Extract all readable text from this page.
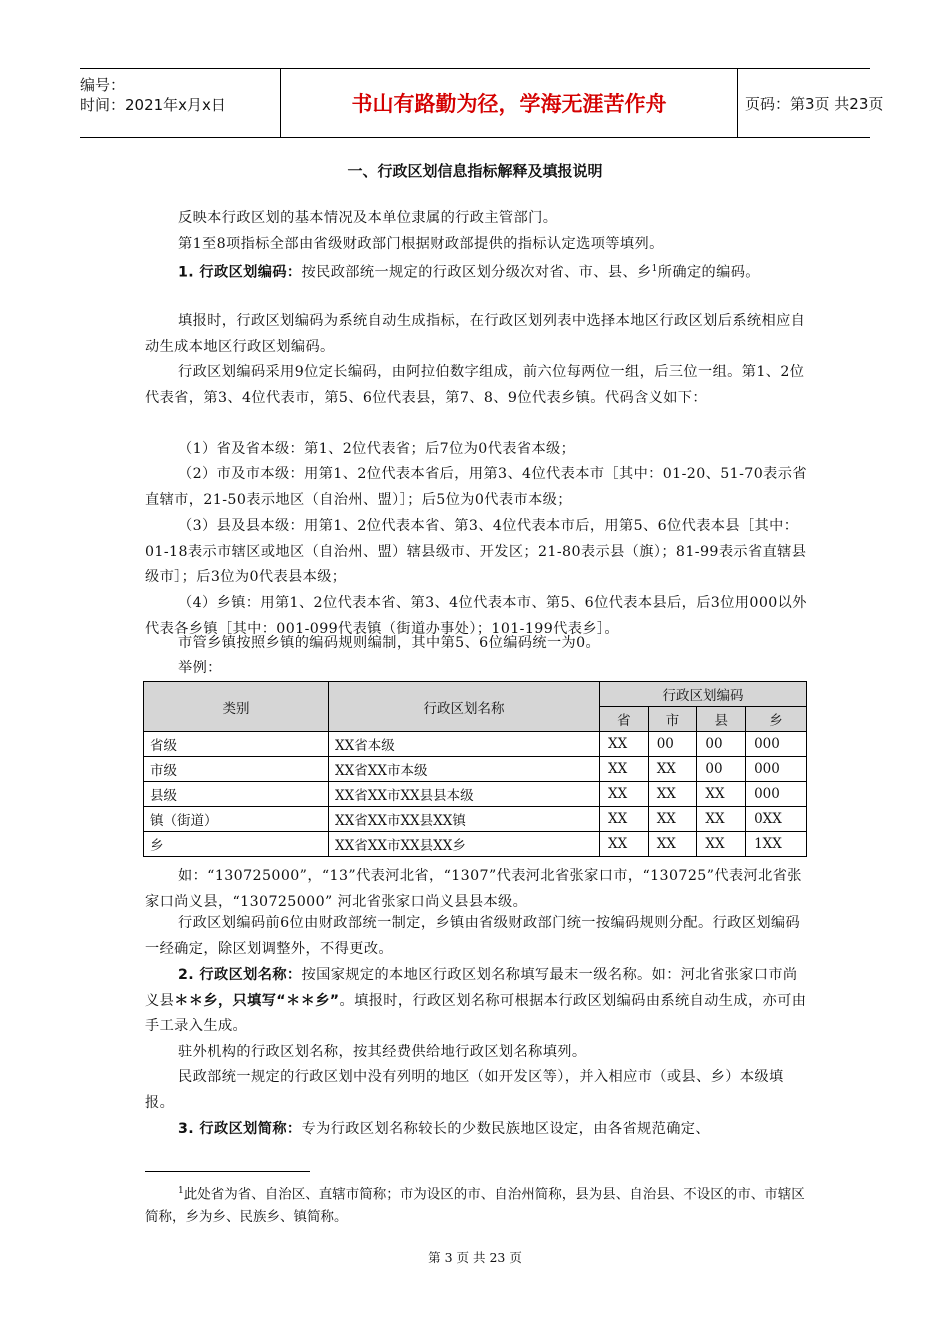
编号：
时间：2021年x月x日	书山有路勤为径，学海无涯苦作舟	页码：第3页 共23页
一、行政区划信息指标解释及填报说明

反映本行政区划的基本情况及本单位隶属的行政主管部门。

第1至8项指标全部由省级财政部门根据财政部提供的指标认定选项等填列。

1. 行政区划编码：按民政部统一规定的行政区划分级次对省、市、县、乡$^1$所确定的编码。

填报时，行政区划编码为系统自动生成指标，在行政区划列表中选择本地区行政区划后系统相应自动生成本地区行政区划编码。

行政区划编码采用9位定长编码，由阿拉伯数字组成，前六位每两位一组，后三位一组。第1、2位代表省，第3、4位代表市，第5、6位代表县，第7、8、9位代表乡镇。代码含义如下：

（1）省及省本级：第1、2位代表省；后7位为0代表省本级；

（2）市及市本级：用第1、2位代表本省后，用第3、4位代表本市［其中：01-20、51-70表示省直辖市，21-50表示地区（自治州、盟）］；后5位为0代表市本级；

（3）县及县本级：用第1、2位代表本省、第3、4位代表本市后，用第5、6位代表本县［其中：01-18表示市辖区或地区（自治州、盟）辖县级市、开发区；21-80表示县（旗）；81-99表示省直辖县级市］；后3位为0代表县本级；

（4）乡镇：用第1、2位代表本省、第3、4位代表本市、第5、6位代表本县后，后3位用000以外代表各乡镇［其中：001-099代表镇（街道办事处）；101-199代表乡］。

市管乡镇按照乡镇的编码规则编制，其中第5、6位编码统一为0。

举例：

类别	行政区划名称	行政区划编码			
		省	市	县	乡
省级	XX省本级	XX	00	00	000
市级	XX省XX市本级	XX	XX	00	000
县级	XX省XX市XX县县本级	XX	XX	XX	000
镇（街道）	XX省XX市XX县XX镇	XX	XX	XX	0XX
乡	XX省XX市XX县XX乡	XX	XX	XX	1XX

如：“130725000”，“13”代表河北省，“1307”代表河北省张家口市，“130725”代表河北省张家口尚义县，“130725000” 河北省张家口尚义县县本级。

行政区划编码前6位由财政部统一制定，乡镇由省级财政部门统一按编码规则分配。行政区划编码一经确定，除区划调整外，不得更改。

2. 行政区划名称：按国家规定的本地区行政区划名称填写最末一级名称。如：河北省张家口市尚义县＊＊乡，只填写“＊＊乡”。填报时，行政区划名称可根据本行政区划编码由系统自动生成，亦可由手工录入生成。

驻外机构的行政区划名称，按其经费供给地行政区划名称填列。

民政部统一规定的行政区划中没有列明的地区（如开发区等），并入相应市（或县、乡）本级填报。

3. 行政区划简称：专为行政区划名称较长的少数民族地区设定，由各省规范确定、

$^1$此处省为省、自治区、直辖市简称；市为设区的市、自治州简称，县为县、自治县、不设区的市、市辖区简称，乡为乡、民族乡、镇简称。

第 3 页 共 23 页
